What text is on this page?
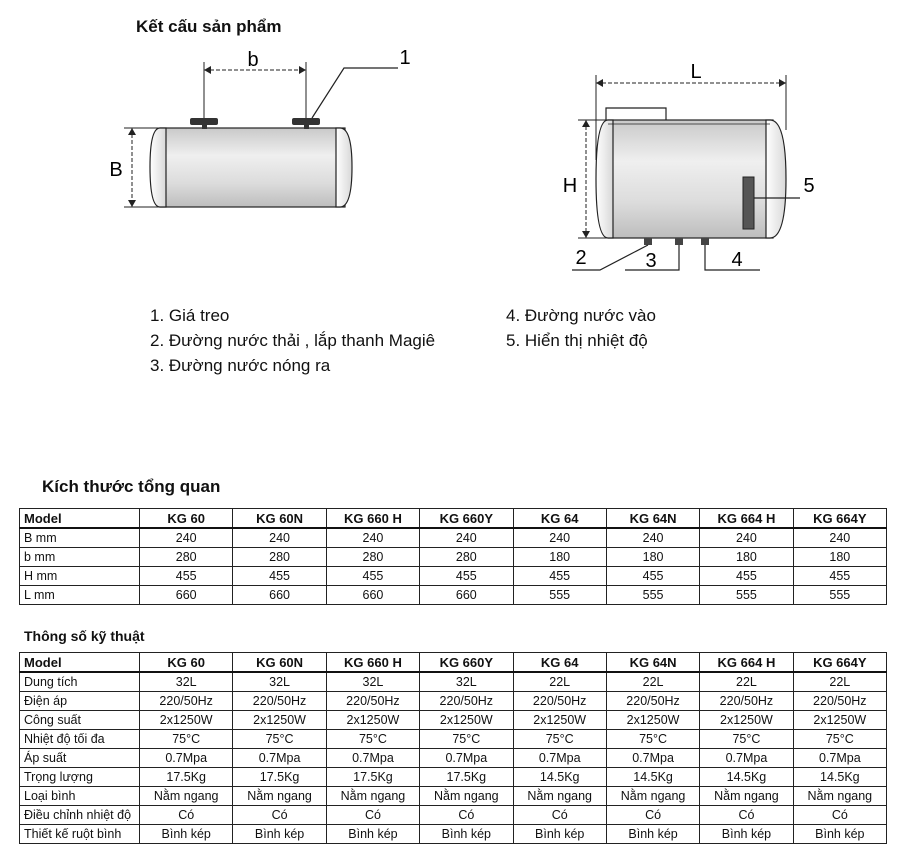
Kết cấu sản phẩm
b
B
1
L
H	5
2	3	4
1. Giá treo
2. Đường nước thải , lắp thanh Magiê
3. Đường nước nóng ra
4. Đường nước vào
5. Hiển thị nhiệt độ
Kích thước tổng quan
Model	KG 60	KG 60N	KG 660 H	KG 660Y	KG 64	KG 64N	KG 664 H	KG 664Y
B mm	240	240	240	240	240	240	240	240
b mm	280	280	280	280	180	180	180	180
H mm	455	455	455	455	455	455	455	455
L mm	660	660	660	660	555	555	555	555
Thông số kỹ thuật
Model	KG 60	KG 60N	KG 660 H	KG 660Y	KG 64	KG 64N	KG 664 H	KG 664Y
Dung tích	32L	32L	32L	32L	22L	22L	22L	22L
Điện áp	220/50Hz	220/50Hz	220/50Hz	220/50Hz	220/50Hz	220/50Hz	220/50Hz	220/50Hz
Công suất	2x1250W	2x1250W	2x1250W	2x1250W	2x1250W	2x1250W	2x1250W	2x1250W
Nhiệt độ tối đa	75°C	75°C	75°C	75°C	75°C	75°C	75°C	75°C
Áp suất	0.7Mpa	0.7Mpa	0.7Mpa	0.7Mpa	0.7Mpa	0.7Mpa	0.7Mpa	0.7Mpa
Trọng lượng	17.5Kg	17.5Kg	17.5Kg	17.5Kg	14.5Kg	14.5Kg	14.5Kg	14.5Kg
Loại bình	Nằm ngang	Nằm ngang	Nằm ngang	Nằm ngang	Nằm ngang	Nằm ngang	Nằm ngang	Nằm ngang
Điều chỉnh nhiệt độ	Có	Có	Có	Có	Có	Có	Có	Có
Thiết kế ruột bình	Bình kép	Bình kép	Bình kép	Bình kép	Bình kép	Bình kép	Bình kép	Bình kép
